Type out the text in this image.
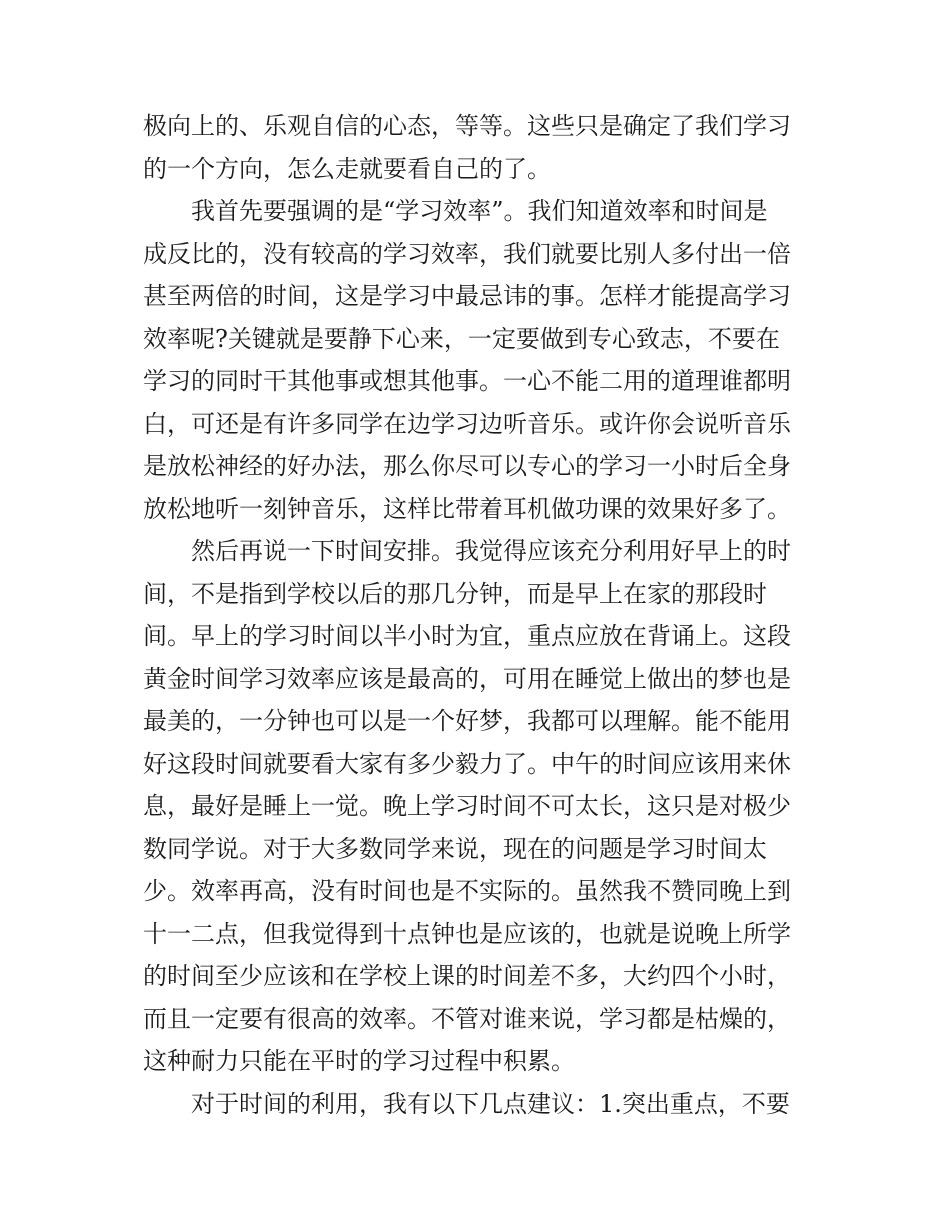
极向上的、乐观自信的心态，等等。这些只是确定了我们学习
的一个方向，怎么走就要看自己的了。
我首先要强调的是“学习效率”。我们知道效率和时间是
成反比的，没有较高的学习效率，我们就要比别人多付出一倍
甚至两倍的时间，这是学习中最忌讳的事。怎样才能提高学习
效率呢?关键就是要静下心来，一定要做到专心致志，不要在
学习的同时干其他事或想其他事。一心不能二用的道理谁都明
白，可还是有许多同学在边学习边听音乐。或许你会说听音乐
是放松神经的好办法，那么你尽可以专心的学习一小时后全身
放松地听一刻钟音乐，这样比带着耳机做功课的效果好多了。
然后再说一下时间安排。我觉得应该充分利用好早上的时
间，不是指到学校以后的那几分钟，而是早上在家的那段时
间。早上的学习时间以半小时为宜，重点应放在背诵上。这段
黄金时间学习效率应该是最高的，可用在睡觉上做出的梦也是
最美的，一分钟也可以是一个好梦，我都可以理解。能不能用
好这段时间就要看大家有多少毅力了。中午的时间应该用来休
息，最好是睡上一觉。晚上学习时间不可太长，这只是对极少
数同学说。对于大多数同学来说，现在的问题是学习时间太
少。效率再高，没有时间也是不实际的。虽然我不赞同晚上到
十一二点，但我觉得到十点钟也是应该的，也就是说晚上所学
的时间至少应该和在学校上课的时间差不多，大约四个小时，
而且一定要有很高的效率。不管对谁来说，学习都是枯燥的，
这种耐力只能在平时的学习过程中积累。
对于时间的利用，我有以下几点建议：1.突出重点，不要
